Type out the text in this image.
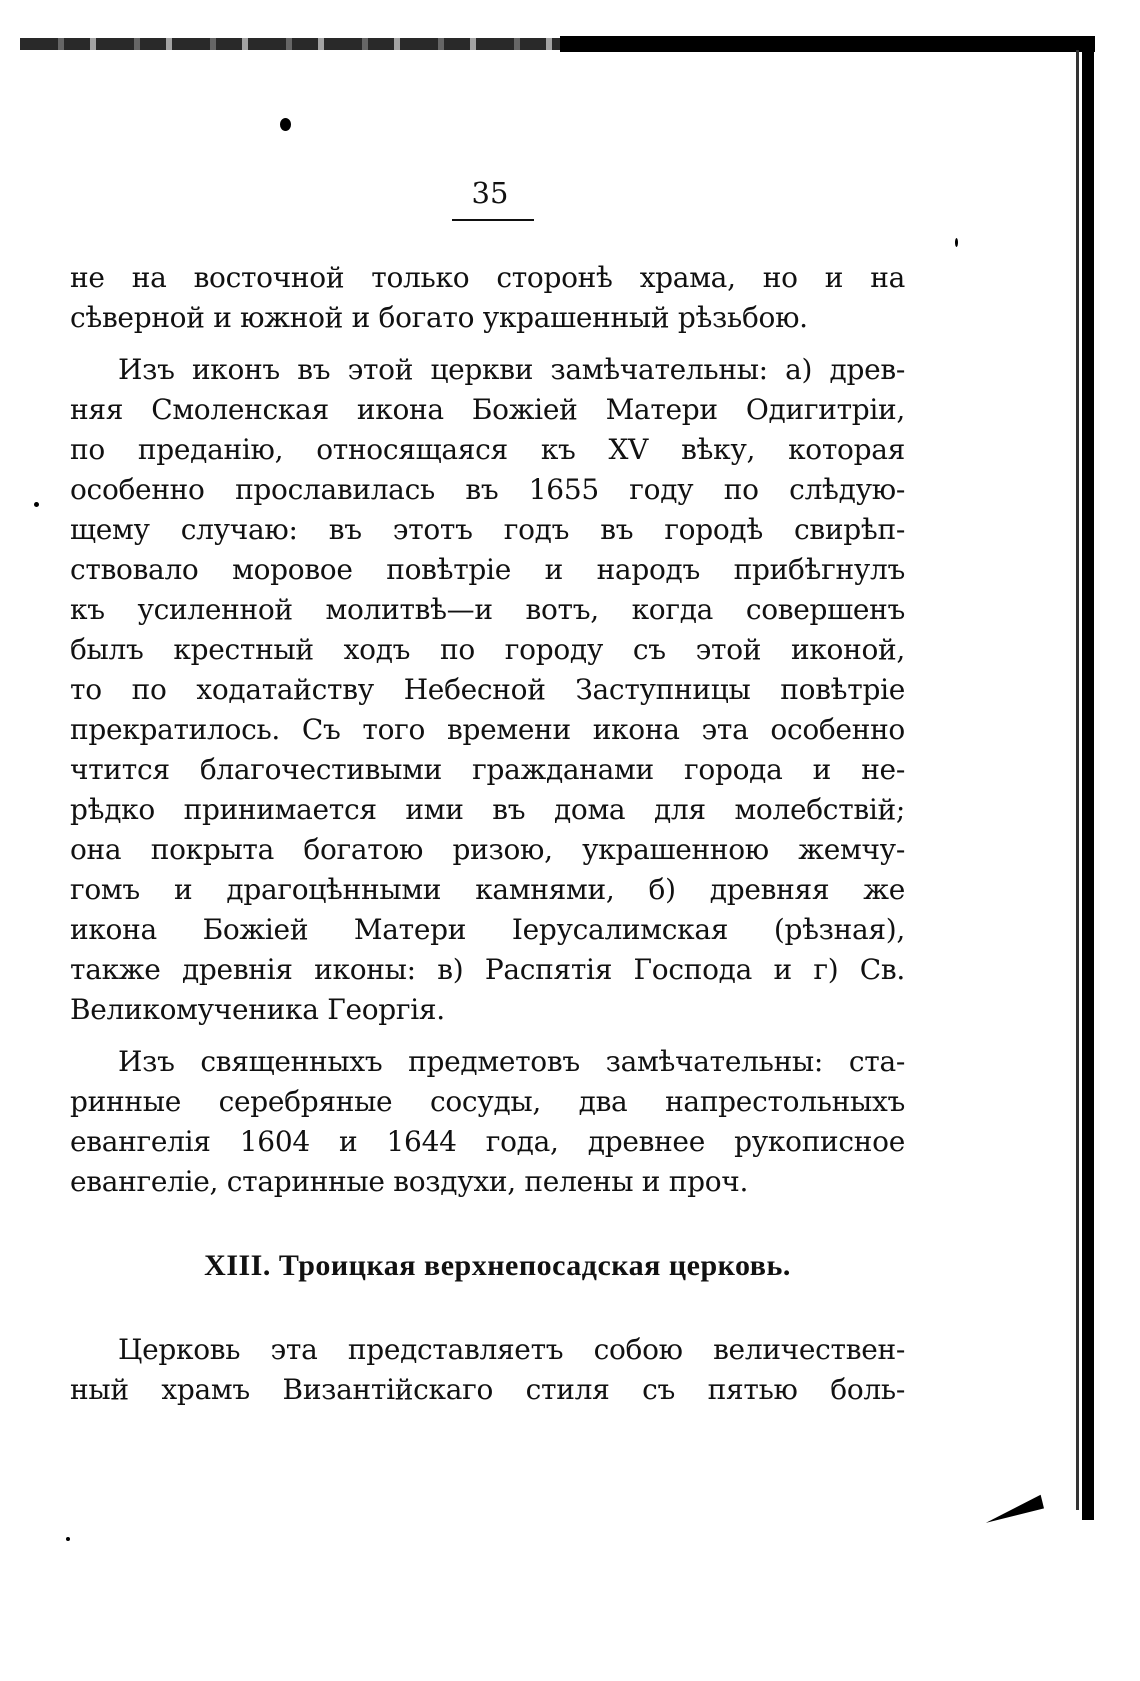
35
не на восточной только сторонѣ храма, но и на
сѣверной и южной и богато украшенный рѣзьбою.
Изъ иконъ въ этой церкви замѣчательны: а) древ-
няя Смоленская икона Божіей Матери Одигитріи,
по преданію, относящаяся къ XV вѣку, которая
особенно прославилась въ 1655 году по слѣдую-
щему случаю: въ этотъ годъ въ городѣ свирѣп-
ствовало моровое повѣтріе и народъ прибѣгнулъ
къ усиленной молитвѣ—и вотъ, когда совершенъ
былъ крестный ходъ по городу съ этой иконой,
то по ходатайству Небесной Заступницы повѣтріе
прекратилось. Съ того времени икона эта особенно
чтится благочестивыми гражданами города и не-
рѣдко принимается ими въ дома для молебствій;
она покрыта богатою ризою, украшенною жемчу-
гомъ и драгоцѣнными камнями, б) древняя же
икона Божіей Матери Іерусалимская (рѣзная),
также древнія иконы: в) Распятія Господа и г) Св.
Великомученика Георгія.
Изъ священныхъ предметовъ замѣчательны: ста-
ринные серебряные сосуды, два напрестольныхъ
евангелія 1604 и 1644 года, древнее рукописное
евангеліе, старинные воздухи, пелены и проч.
XIII. Троицкая верхнепосадская церковь.
Церковь эта представляетъ собою величествен-
ный храмъ Византійскаго стиля съ пятью боль-
